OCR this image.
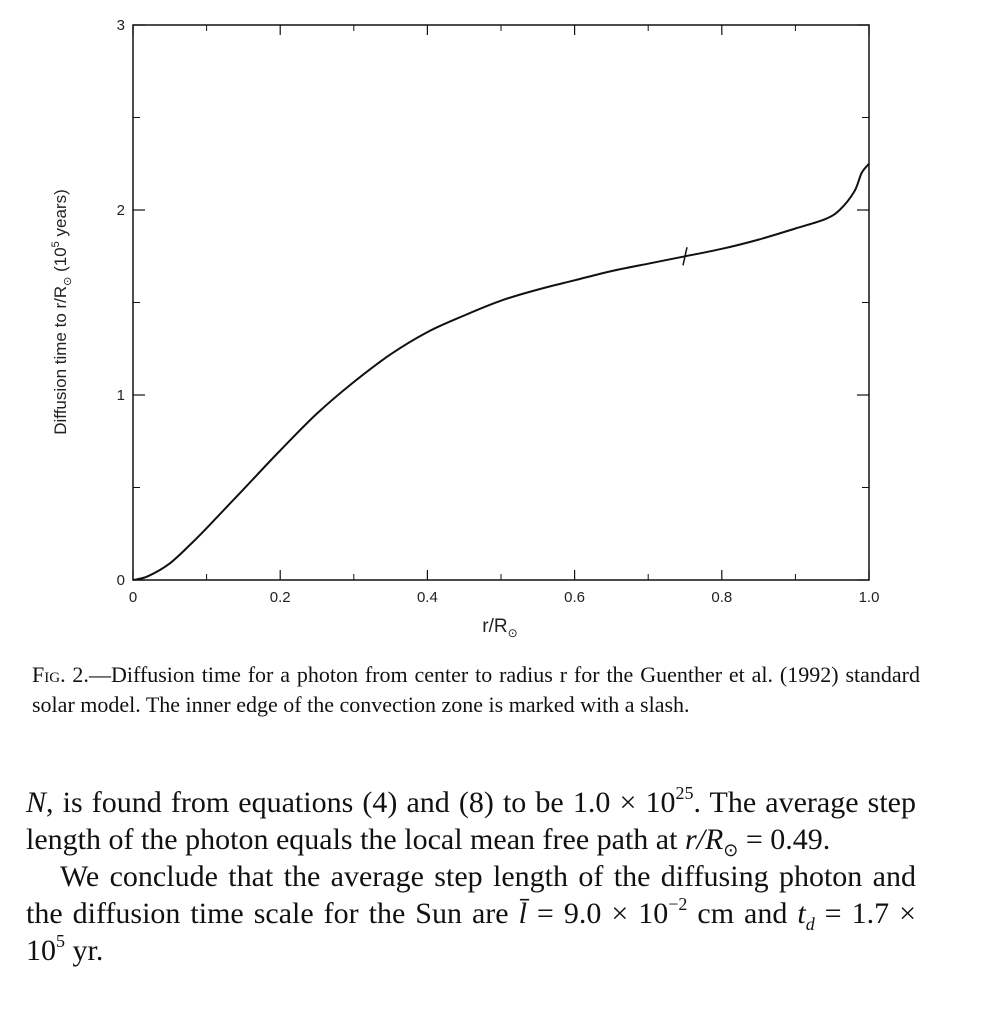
0	0.2	0.4	0.6	0.8	1.0
0
1
2
3
$r/R_⊙$
Diffusion time to $r/R_⊙$ ($10^5$ years)
Fig. 2.—Diffusion time for a photon from center to radius r for the Guenther et al. (1992) standard solar model. The inner edge of the convection zone is marked with a slash.

N, is found from equations (4) and (8) to be $1.0 \times 10^{25}$. The average step length of the photon equals the local mean free path at $r/R_⊙ = 0.49$.

We conclude that the average step length of the diffusing photon and the diffusion time scale for the Sun are l̄ = $9.0 \times 10^{-2}$ cm and $t_d = 1.7 \times 10^5$ yr.
